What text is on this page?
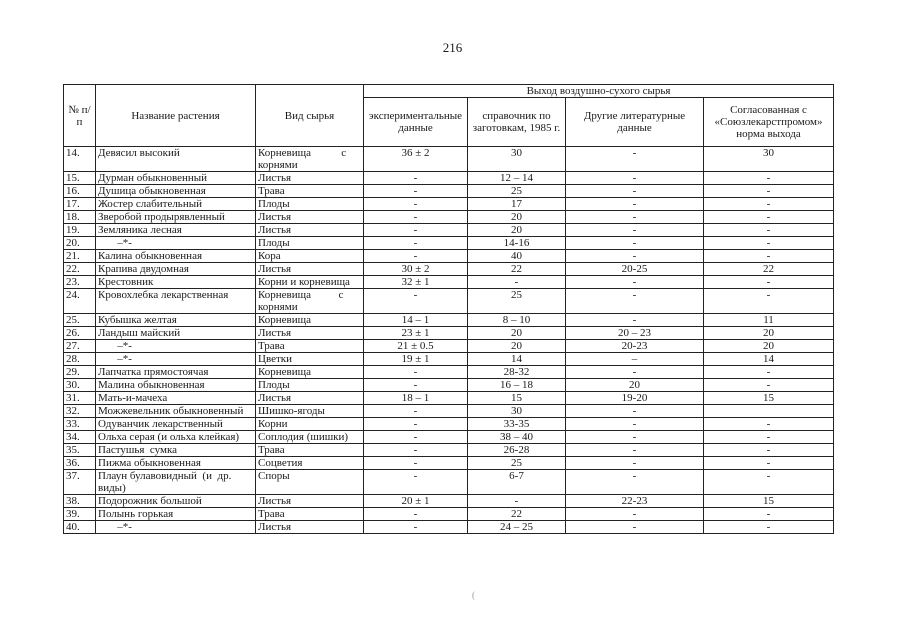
216
№ п/п	Название растения	Вид сырья	Выход воздушно-сухого сырья			
			экспериментальные данные	справочник по заготовкам, 1985 г.	Другие литературные данные	Согласованная с «Союзлекарстпромом» норма выхода
14.	Девясил высокий	Корневища           с корнями	36 ± 2	30	-	30
15.	Дурман обыкновенный	Листья	-	12 – 14	-	-
16.	Душица обыкновенная	Трава	-	25	-	-
17.	Жостер слабительный	Плоды	-	17	-	-
18.	Зверобой продырявленный	Листья	-	20	-	-
19.	Земляника лесная	Листья	-	20	-	-
20.	–*-	Плоды	-	14-16	-	-
21.	Калина обыкновенная	Кора	-	40	-	-
22.	Крапива двудомная	Листья	30 ± 2	22	20-25	22
23.	Крестовник	Корни и корневища	32 ± 1	-	-	-
24.	Кровохлебка лекарственная	Корневища          с корнями	-	25	-	-
25.	Кубышка желтая	Корневища	14 – 1	8 – 10	-	11
26.	Ландыш майский	Листья	23 ± 1	20	20 – 23	20
27.	–*-	Трава	21 ± 0.5	20	20-23	20
28.	–*-	Цветки	19 ± 1	14	–	14
29.	Лапчатка прямостоячая	Корневища	-	28-32	-	-
30.	Малина обыкновенная	Плоды	-	16 – 18	20	-
31.	Мать-и-мачеха	Листья	18 – 1	15	19-20	15
32.	Можжевельник обыкновенный	Шишко-ягоды	-	30	-	
33.	Одуванчик лекарственный	Корни	-	33-35	-	-
34.	Ольха серая (и ольха клейкая)	Соплодия (шишки)	-	38 – 40	-	-
35.	Пастушья  сумка	Трава	-	26-28	-	-
36.	Пижма обыкновенная	Соцветия	-	25	-	-
37.	Плаун булавовидный  (и  др. виды)	Споры	-	6-7	-	-
38.	Подорожник большой	Листья	20 ± 1	-	22-23	15
39.	Полынь горькая	Трава	-	22	-	-
40.	–*-	Листья	-	24 – 25	-	-
(
